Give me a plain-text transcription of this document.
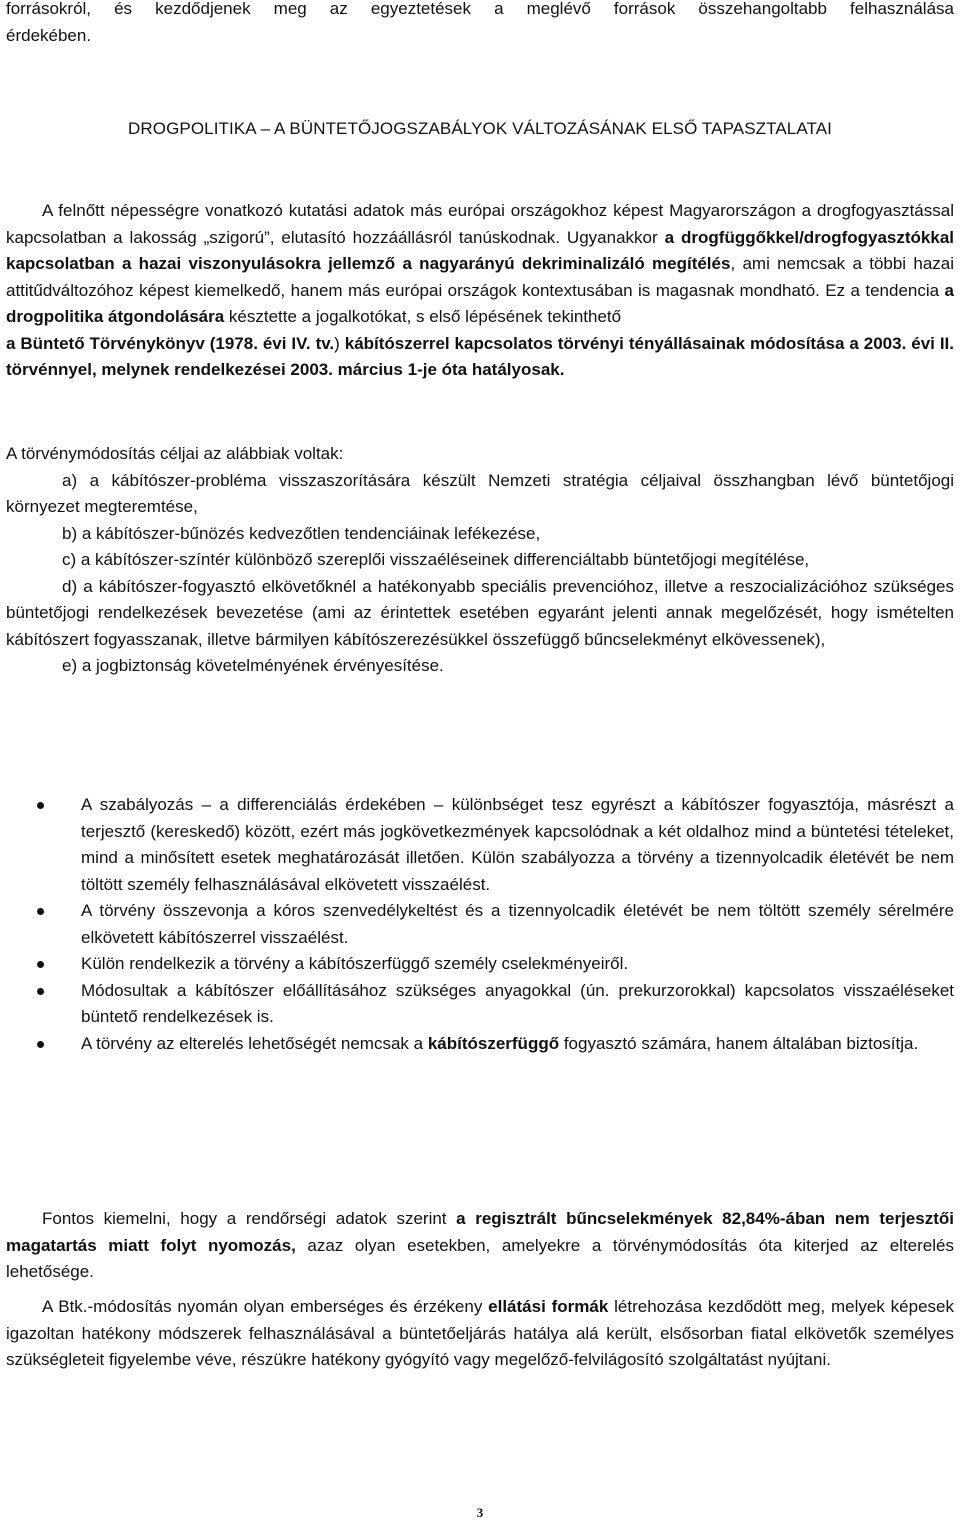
forrásokról, és kezdődjenek meg az egyeztetések a meglévő források összehangoltabb felhasználása

érdekében.

DROGPOLITIKA – A BÜNTETŐJOGSZABÁLYOK VÁLTOZÁSÁNAK ELSŐ TAPASZTALATAI

A felnőtt népességre vonatkozó kutatási adatok más európai országokhoz képest Magyarországon a drogfogyasztással kapcsolatban a lakosság „szigorú”, elutasító hozzáállásról tanúskodnak. Ugyanakkor a drogfüggőkkel/drogfogyasztókkal kapcsolatban a hazai viszonyulásokra jellemző a nagyarányú dekriminalizáló megítélés, ami nemcsak a többi hazai attitűdváltozóhoz képest kiemelkedő, hanem más európai országok kontextusában is magasnak mondható. Ez a tendencia a drogpolitika átgondolására késztette a jogalkotókat, s első lépésének tekinthető
a Büntető Törvénykönyv (1978. évi IV. tv.) kábítószerrel kapcsolatos törvényi tényállásainak módosítása a 2003. évi II. törvénnyel, melynek rendelkezései 2003. március 1-je óta hatályosak.

A törvénymódosítás céljai az alábbiak voltak:

a) a kábítószer-probléma visszaszorítására készült Nemzeti stratégia céljaival összhangban lévő büntetőjogi környezet megteremtése,

b) a kábítószer-bűnözés kedvezőtlen tendenciáinak lefékezése,

c) a kábítószer-színtér különböző szereplői visszaéléseinek differenciáltabb büntetőjogi megítélése,

d) a kábítószer-fogyasztó elkövetőknél a hatékonyabb speciális prevencióhoz, illetve a reszocializációhoz szükséges büntetőjogi rendelkezések bevezetése (ami az érintettek esetében egyaránt jelenti annak megelőzését, hogy ismételten kábítószert fogyasszanak, illetve bármilyen kábítószerezésükkel összefüggő bűncselekményt elkövessenek),

e) a jogbiztonság követelményének érvényesítése.

A szabályozás – a differenciálás érdekében – különbséget tesz egyrészt a kábítószer fogyasztója, másrészt a terjesztő (kereskedő) között, ezért más jogkövetkezmények kapcsolódnak a két oldalhoz mind a büntetési tételeket, mind a minősített esetek meghatározását illetően. Külön szabályozza a törvény a tizennyolcadik életévét be nem töltött személy felhasználásával elkövetett visszaélést.
A törvény összevonja a kóros szenvedélykeltést és a tizennyolcadik életévét be nem töltött személy sérelmére elkövetett kábítószerrel visszaélést.
Külön rendelkezik a törvény a kábítószerfüggő személy cselekményeiről.
Módosultak a kábítószer előállításához szükséges anyagokkal (ún. prekurzorokkal) kapcsolatos visszaéléseket büntető rendelkezések is.
A törvény az elterelés lehetőségét nemcsak a kábítószerfüggő fogyasztó számára, hanem általában biztosítja.

Fontos kiemelni, hogy a rendőrségi adatok szerint a regisztrált bűncselekmények 82,84%-ában nem terjesztői magatartás miatt folyt nyomozás, azaz olyan esetekben, amelyekre a törvénymódosítás óta kiterjed az elterelés lehetősége.

A Btk.-módosítás nyomán olyan emberséges és érzékeny ellátási formák létrehozása kezdődött meg, melyek képesek igazoltan hatékony módszerek felhasználásával a büntetőeljárás hatálya alá került, elsősorban fiatal elkövetők személyes szükségleteit figyelembe véve, részükre hatékony gyógyító vagy megelőző-felvilágosító szolgáltatást nyújtani.

3
